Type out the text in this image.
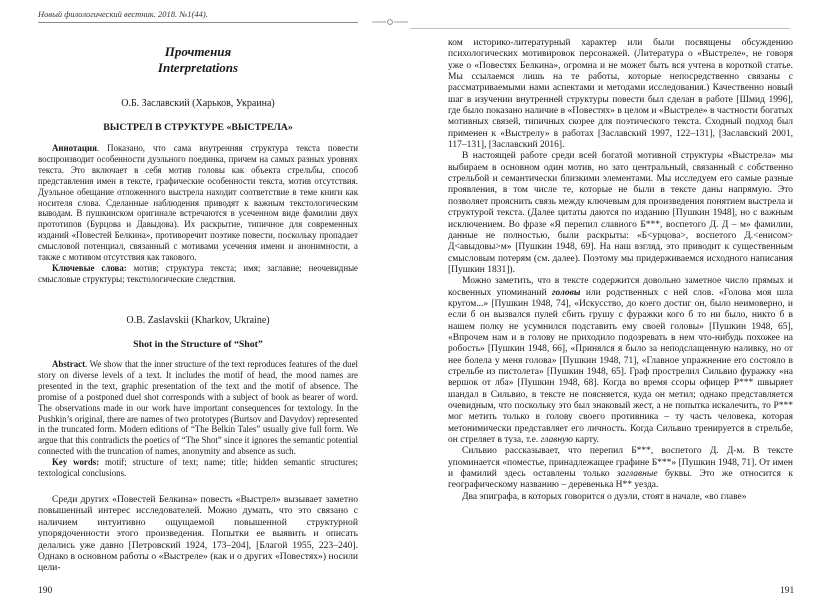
Новый филологический вестник. 2018. №1(44).
Прочтения
Interpretations
О.Б. Заславский (Харьков, Украина)
ВЫСТРЕЛ В СТРУКТУРЕ «ВЫСТРЕЛА»

Аннотация. Показано, что сама внутренняя структура текста повести воспроизводит особенности дуэльного поединка, причем на самых разных уровнях текста. Это включает в себя мотив головы как объекта стрельбы, способ представления имен в тексте, графические особенности текста, мотив отсутствия. Дуэльное обещание отложенного выстрела находит соответствие в теме книги как носителя слова. Сделанные наблюдения приводят к важным текстологическим выводам. В пушкинском оригинале встречаются в усеченном виде фамилии двух прототипов (Бурцова и Давыдова). Их раскрытие, типичное для современных изданий «Повестей Белкина», противоречит поэтике повести, поскольку пропадает смысловой потенциал, связанный с мотивами усечения имени и анонимности, а также с мотивом отсутствия как такового.

Ключевые слова: мотив; структура текста; имя; заглавие; неочевидные смысловые структуры; текстологические следствия.

O.B. Zaslavskii (Kharkov, Ukraine)
Shot in the Structure of “Shot”

Abstract. We show that the inner structure of the text reproduces features of the duel story on diverse levels of a text. It includes the motif of head, the mood names are presented in the text, graphic presentation of the text and the motif of absence. The promise of a postponed duel shot corresponds with a subject of book as bearer of word. The observations made in our work have important consequences for textology. In the Pushkin’s original, there are names of two prototypes (Burtsov and Davydov) represented in the truncated form. Modern editions of “The Belkin Tales” usually give full form. We argue that this contradicts the poetics of “The Shot” since it ignores the semantic potential connected with the truncation of names, anonymity and absence as such.

Key words: motif; structure of text; name; title; hidden semantic structures; textological conclusions.

Среди других «Повестей Белкина» повесть «Выстрел» вызывает заметно повышенный интерес исследователей. Можно думать, что это связано с наличием интуитивно ощущаемой повышенной структурной упорядоченности этого произведения. Попытки ее выявить и описать делались уже давно [Петровский 1924, 173–204], [Благой 1955, 223–240]. Однако в основном работы о «Выстреле» (как и о других «Повестях») носили цели-

190

ком историко-литературный характер или были посвящены обсуждению психологических мотивировок персонажей. (Литература о «Выстреле», не говоря уже о «Повестях Белкина», огромна и не может быть вся учтена в короткой статье. Мы ссылаемся лишь на те работы, которые непосредственно связаны с рассматриваемыми нами аспектами и методами исследования.) Качественно новый шаг в изучении внутренней структуры повести был сделан в работе [Шмид 1996], где было показано наличие в «Повестях» в целом и «Выстреле» в частности богатых мотивных связей, типичных скорее для поэтического текста. Сходный подход был применен к «Выстрелу» в работах [Заславский 1997, 122–131], [Заславский 2001, 117–131], [Заславский 2016].

В настоящей работе среди всей богатой мотивной структуры «Выстрела» мы выбираем в основном один мотив, но зато центральный, связанный с собственно стрельбой и семантически близкими элементами. Мы исследуем его самые разные проявления, в том числе те, которые не были в тексте даны напрямую. Это позволяет прояснить связь между ключевым для произведения понятием выстрела и структурой текста. (Далее цитаты даются по изданию [Пушкин 1948], но с важным исключением. Во фразе «Я перепил славного Б***, воспетого Д. Д – м» фамилии, данные не полностью, были раскрыты: «Б<урцова>, воспетого Д.<енисом> Д<авыдовы>м» [Пушкин 1948, 69]. На наш взгляд, это приводит к существенным смысловым потерям (см. далее). Поэтому мы придерживаемся исходного написания [Пушкин 1831]).

Можно заметить, что в тексте содержится довольно заметное число прямых и косвенных упоминаний головы или родственных с ней слов. «Голова моя шла кругом...» [Пушкин 1948, 74], «Искусство, до коего достиг он, было неимоверно, и если б он вызвался пулей сбить грушу с фуражки кого б то ни было, никто б в нашем полку не усумнился подставить ему своей головы» [Пушкин 1948, 65], «Впрочем нам и в голову не приходило подозревать в нем что-нибудь похожее на робость» [Пушкин 1948, 66], «Принялся я было за неподслащенную наливку, но от нее болела у меня голова» [Пушкин 1948, 71], «Главное упражнение его состояло в стрельбе из пистолета» [Пушкин 1948, 65]. Граф прострелил Сильвио фуражку «на вершок от лба» [Пушкин 1948, 68]. Когда во время ссоры офицер Р*** швыряет шандал в Сильвио, в тексте не поясняется, куда он метил; однако представляется очевидным, что поскольку это был знаковый жест, а не попытка искалечить, то Р*** мог метить только в голову своего противника – ту часть человека, которая метонимически представляет его личность. Когда Сильвио тренируется в стрельбе, он стреляет в туза, т.е. главную карту.

Сильвио рассказывает, что перепил Б***, воспетого Д. Д-м. В тексте упоминается «поместье, принадлежащее графине Б***» [Пушкин 1948, 71]. От имен и фамилий здесь оставлены только заглавные буквы. Это же относится к географическому названию – деревенька Н** уезда.

Два эпиграфа, в которых говорится о дуэли, стоят в начале, «во главе»

191
